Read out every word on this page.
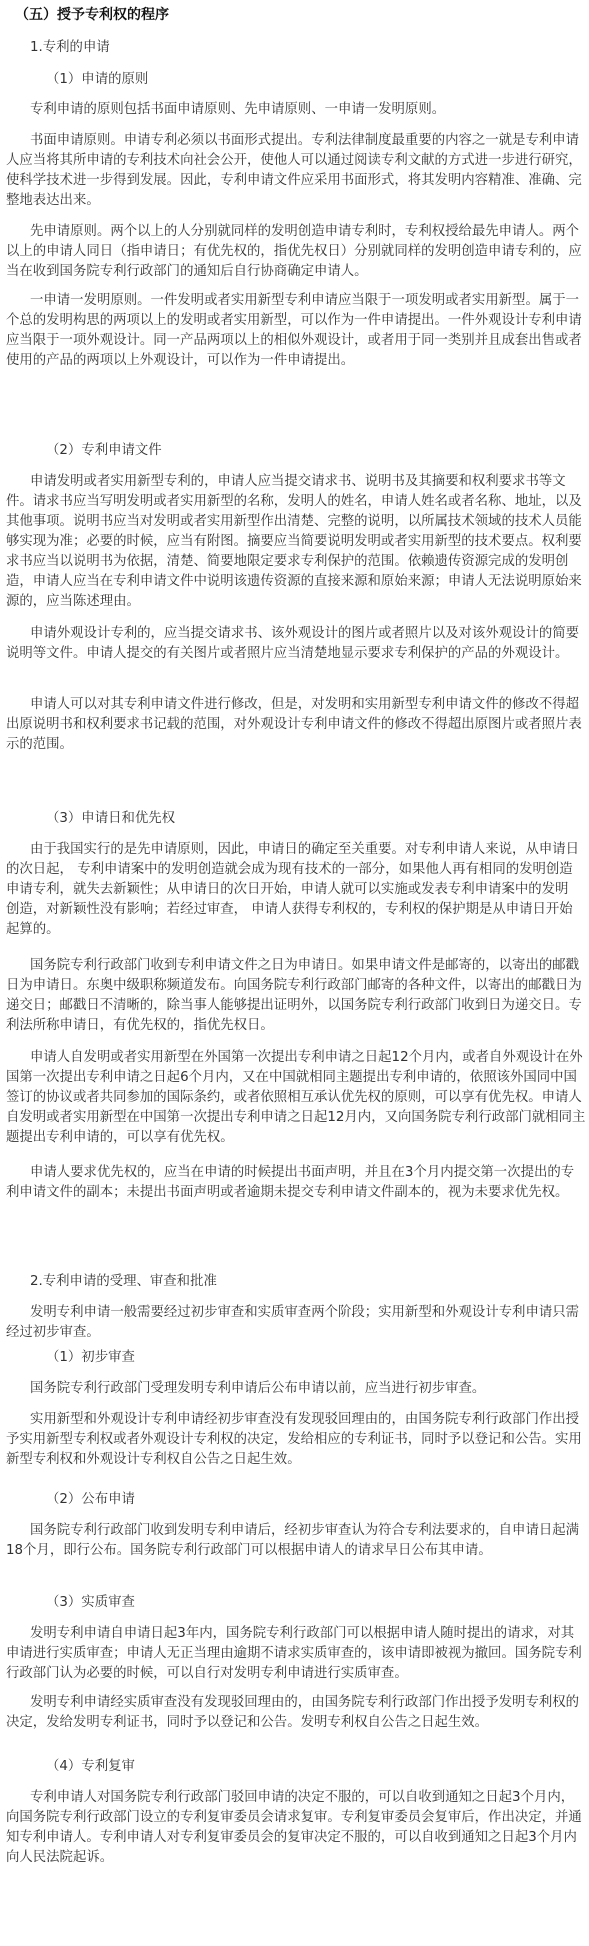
（五）授予专利权的程序
1.专利的申请
（1）申请的原则
（2）专利申请文件
（3）申请日和优先权
2.专利申请的受理、审查和批准
（1）初步审查
（2）公布申请
（3）实质审查
（4）专利复审
专利申请的原则包括书面申请原则、先申请原则、一申请一发明原则。
书面申请原则。申请专利必须以书面形式提出。专利法律制度最重要的内容之一就是专利申请
人应当将其所申请的专利技术向社会公开，使他人可以通过阅读专利文献的方式进一步进行研究，
使科学技术进一步得到发展。因此，专利申请文件应采用书面形式，将其发明内容精准、准确、完
整地表达出来。
先申请原则。两个以上的人分别就同样的发明创造申请专利时，专利权授给最先申请人。两个
以上的申请人同日（指申请日；有优先权的，指优先权日）分别就同样的发明创造申请专利的，应
当在收到国务院专利行政部门的通知后自行协商确定申请人。
一申请一发明原则。一件发明或者实用新型专利申请应当限于一项发明或者实用新型。属于一
个总的发明构思的两项以上的发明或者实用新型，可以作为一件申请提出。一件外观设计专利申请
应当限于一项外观设计。同一产品两项以上的相似外观设计，或者用于同一类别并且成套出售或者
使用的产品的两项以上外观设计，可以作为一件申请提出。
申请发明或者实用新型专利的，申请人应当提交请求书、说明书及其摘要和权利要求书等文
件。请求书应当写明发明或者实用新型的名称，发明人的姓名，申请人姓名或者名称、地址，以及
其他事项。说明书应当对发明或者实用新型作出清楚、完整的说明，以所属技术领域的技术人员能
够实现为准；必要的时候，应当有附图。摘要应当简要说明发明或者实用新型的技术要点。权利要
求书应当以说明书为依据，清楚、简要地限定要求专利保护的范围。依赖遗传资源完成的发明创
造，申请人应当在专利申请文件中说明该遗传资源的直接来源和原始来源；申请人无法说明原始来
源的，应当陈述理由。
申请外观设计专利的，应当提交请求书、该外观设计的图片或者照片以及对该外观设计的简要
说明等文件。申请人提交的有关图片或者照片应当清楚地显示要求专利保护的产品的外观设计。
申请人可以对其专利申请文件进行修改，但是，对发明和实用新型专利申请文件的修改不得超
出原说明书和权利要求书记载的范围，对外观设计专利申请文件的修改不得超出原图片或者照片表
示的范围。
由于我国实行的是先申请原则，因此，申请日的确定至关重要。对专利申请人来说，从申请日
的次日起， 专利申请案中的发明创造就会成为现有技术的一部分，如果他人再有相同的发明创造
申请专利，就失去新颖性；从申请日的次日开始，申请人就可以实施或发表专利申请案中的发明
创造，对新颖性没有影响；若经过审查， 申请人获得专利权的，专利权的保护期是从申请日开始
起算的。
国务院专利行政部门收到专利申请文件之日为申请日。如果申请文件是邮寄的，以寄出的邮戳
日为申请日。东奥中级职称频道发布。向国务院专利行政部门邮寄的各种文件，以寄出的邮戳日为
递交日；邮戳日不清晰的，除当事人能够提出证明外，以国务院专利行政部门收到日为递交日。专
利法所称申请日，有优先权的，指优先权日。
申请人自发明或者实用新型在外国第一次提出专利申请之日起12个月内，或者自外观设计在外
国第一次提出专利申请之日起6个月内，又在中国就相同主题提出专利申请的，依照该外国同中国
签订的协议或者共同参加的国际条约，或者依照相互承认优先权的原则，可以享有优先权。申请人
自发明或者实用新型在中国第一次提出专利申请之日起12月内，又向国务院专利行政部门就相同主
题提出专利申请的，可以享有优先权。
申请人要求优先权的，应当在申请的时候提出书面声明，并且在3个月内提交第一次提出的专
利申请文件的副本；未提出书面声明或者逾期未提交专利申请文件副本的，视为未要求优先权。
发明专利申请一般需要经过初步审查和实质审查两个阶段；实用新型和外观设计专利申请只需
经过初步审查。
国务院专利行政部门受理发明专利申请后公布申请以前，应当进行初步审查。
实用新型和外观设计专利申请经初步审查没有发现驳回理由的，由国务院专利行政部门作出授
予实用新型专利权或者外观设计专利权的决定，发给相应的专利证书，同时予以登记和公告。实用
新型专利权和外观设计专利权自公告之日起生效。
国务院专利行政部门收到发明专利申请后，经初步审查认为符合专利法要求的，自申请日起满
18个月，即行公布。国务院专利行政部门可以根据申请人的请求早日公布其申请。
发明专利申请自申请日起3年内，国务院专利行政部门可以根据申请人随时提出的请求，对其
申请进行实质审查；申请人无正当理由逾期不请求实质审查的，该申请即被视为撤回。国务院专利
行政部门认为必要的时候，可以自行对发明专利申请进行实质审查。
发明专利申请经实质审查没有发现驳回理由的，由国务院专利行政部门作出授予发明专利权的
决定，发给发明专利证书，同时予以登记和公告。发明专利权自公告之日起生效。
专利申请人对国务院专利行政部门驳回申请的决定不服的，可以自收到通知之日起3个月内，
向国务院专利行政部门设立的专利复审委员会请求复审。专利复审委员会复审后，作出决定，并通
知专利申请人。专利申请人对专利复审委员会的复审决定不服的，可以自收到通知之日起3个月内
向人民法院起诉。
